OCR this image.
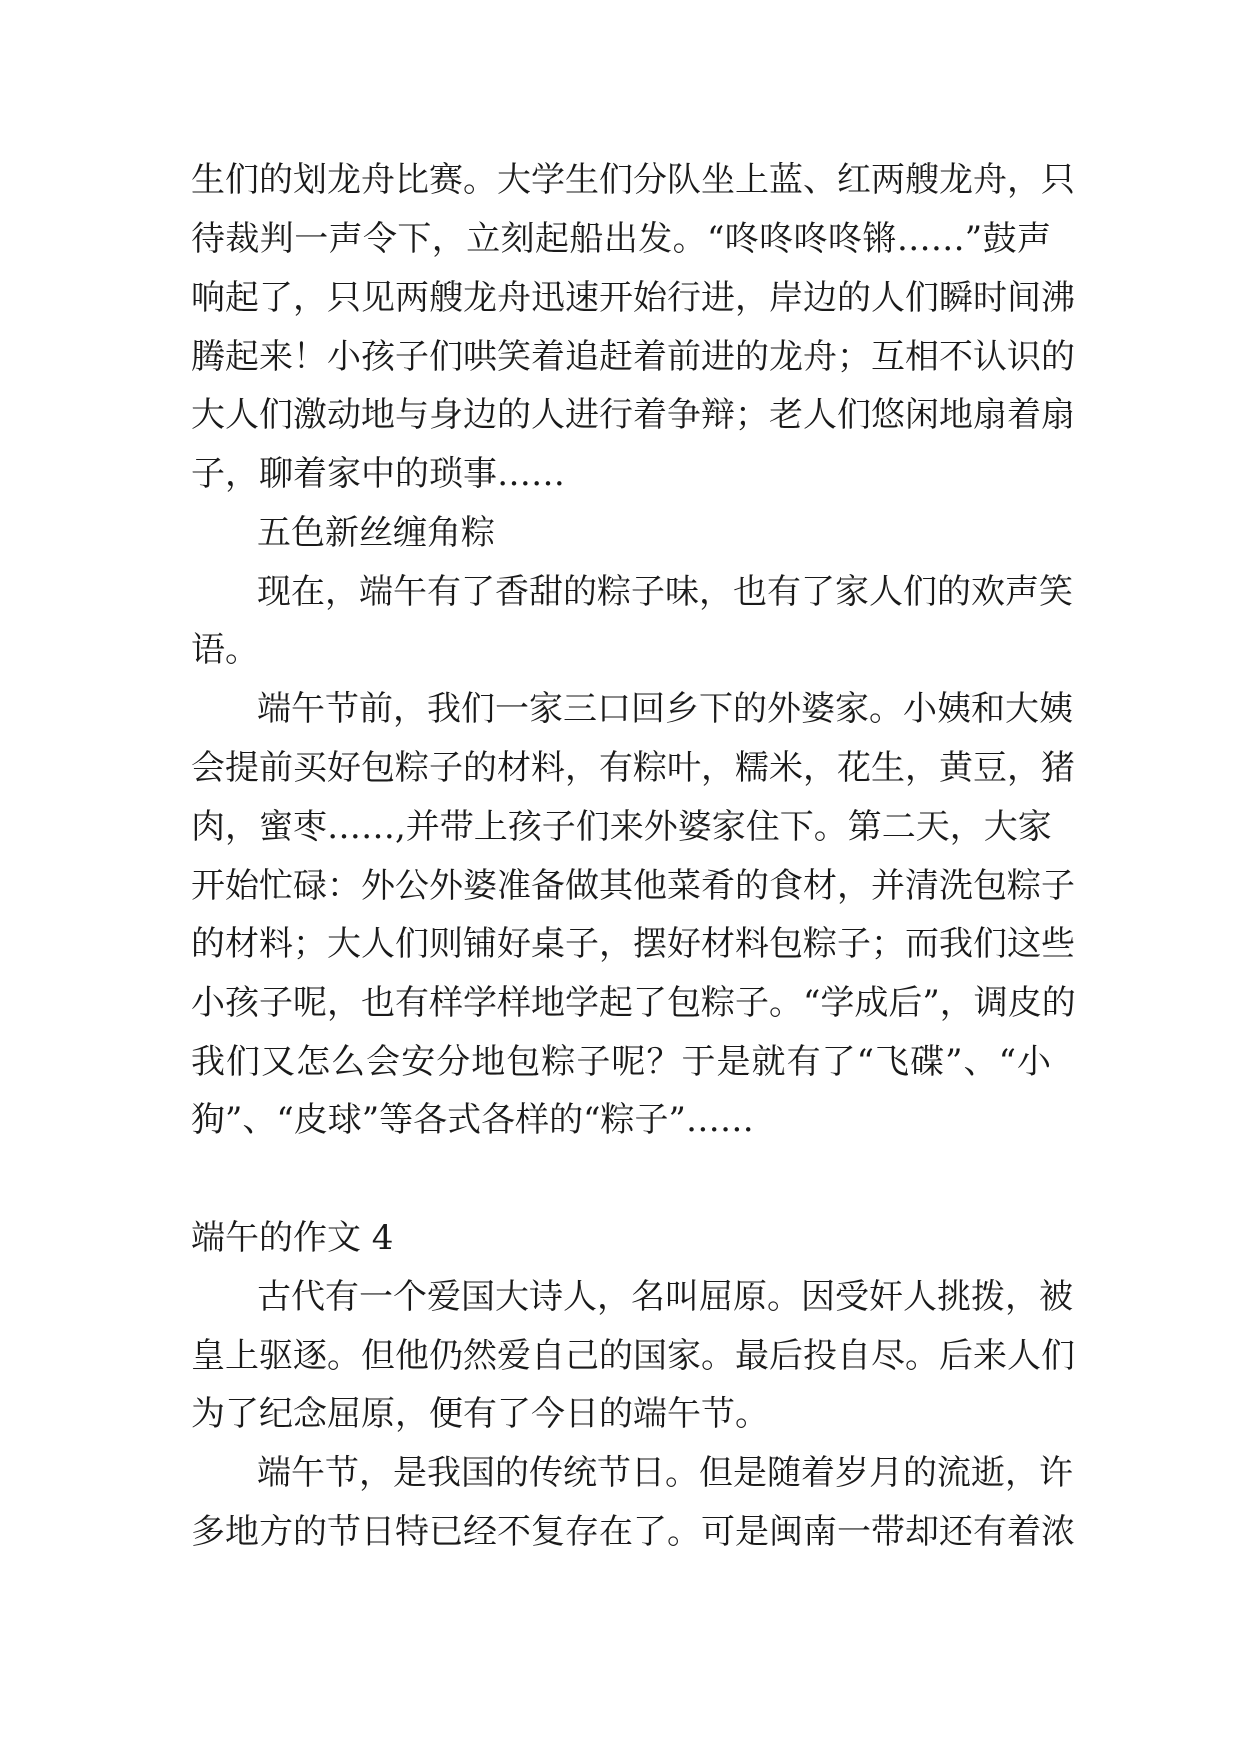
生们的划龙舟比赛。大学生们分队坐上蓝、红两艘龙舟，只

待裁判一声令下，立刻起船出发。“咚咚咚咚锵……”鼓声

响起了，只见两艘龙舟迅速开始行进，岸边的人们瞬时间沸

腾起来！小孩子们哄笑着追赶着前进的龙舟；互相不认识的

大人们激动地与身边的人进行着争辩；老人们悠闲地扇着扇

子，聊着家中的琐事……

五色新丝缠角粽

现在，端午有了香甜的粽子味，也有了家人们的欢声笑

语。

端午节前，我们一家三口回乡下的外婆家。小姨和大姨

会提前买好包粽子的材料，有粽叶，糯米，花生，黄豆，猪

肉，蜜枣……,并带上孩子们来外婆家住下。第二天，大家

开始忙碌：外公外婆准备做其他菜肴的食材，并清洗包粽子

的材料；大人们则铺好桌子，摆好材料包粽子；而我们这些

小孩子呢，也有样学样地学起了包粽子。“学成后”，调皮的

我们又怎么会安分地包粽子呢？于是就有了“飞碟”、“小

狗”、“皮球”等各式各样的“粽子”……

端午的作文 4

古代有一个爱国大诗人，名叫屈原。因受奸人挑拨，被

皇上驱逐。但他仍然爱自己的国家。最后投自尽。后来人们

为了纪念屈原，便有了今日的端午节。

端午节，是我国的传统节日。但是随着岁月的流逝，许

多地方的节日特已经不复存在了。可是闽南一带却还有着浓
